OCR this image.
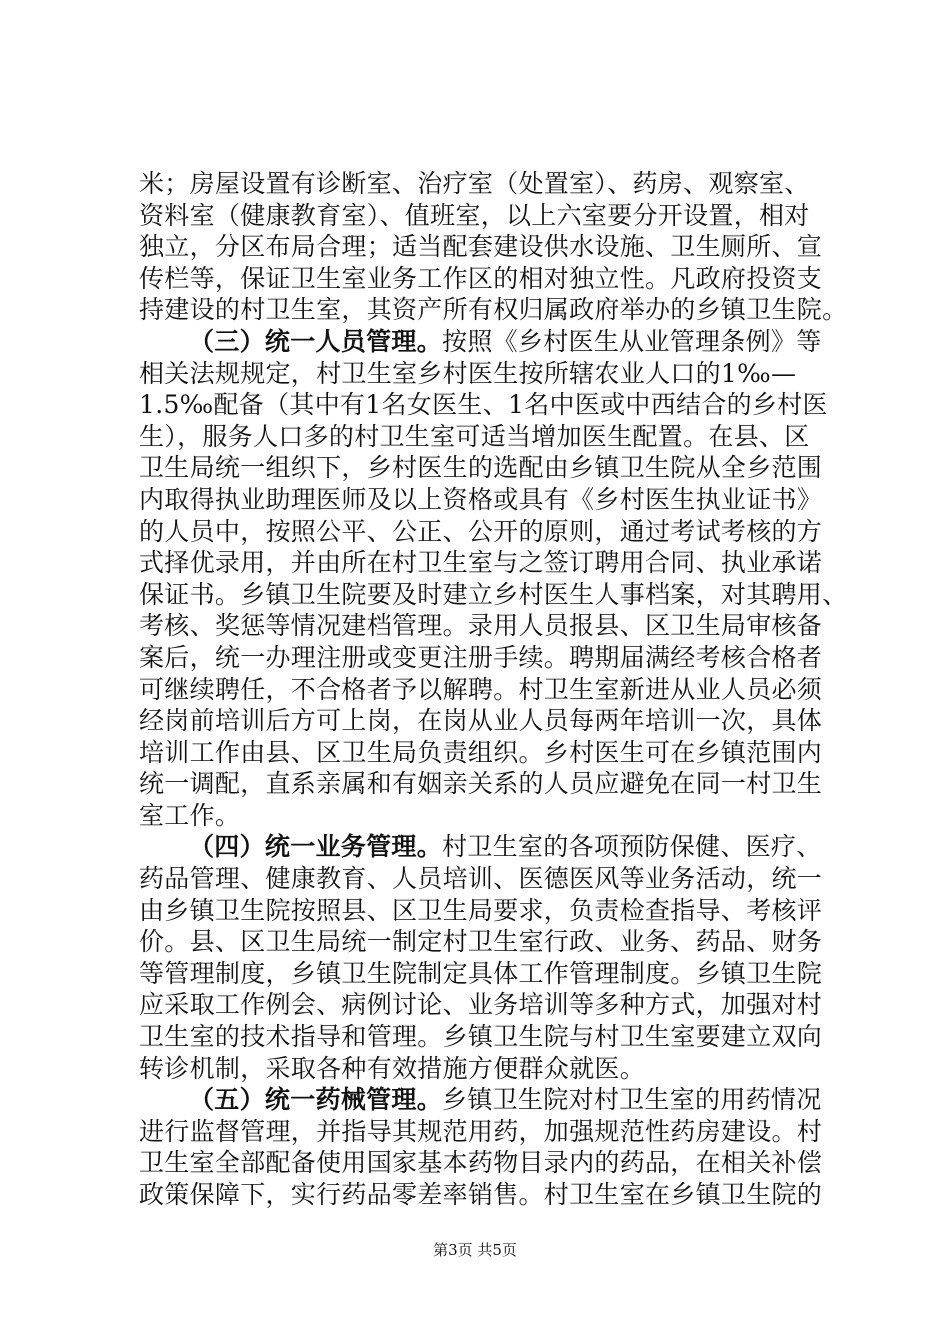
米；房屋设置有诊断室、治疗室（处置室）、药房、观察室、
资料室（健康教育室）、值班室，以上六室要分开设置，相对
独立，分区布局合理；适当配套建设供水设施、卫生厕所、宣
传栏等，保证卫生室业务工作区的相对独立性。凡政府投资支
持建设的村卫生室，其资产所有权归属政府举办的乡镇卫生院。
（三）统一人员管理。按照《乡村医生从业管理条例》等
相关法规规定，村卫生室乡村医生按所辖农业人口的1‰—
1.5‰配备（其中有1名女医生、1名中医或中西结合的乡村医
生），服务人口多的村卫生室可适当增加医生配置。在县、区
卫生局统一组织下，乡村医生的选配由乡镇卫生院从全乡范围
内取得执业助理医师及以上资格或具有《乡村医生执业证书》
的人员中，按照公平、公正、公开的原则，通过考试考核的方
式择优录用，并由所在村卫生室与之签订聘用合同、执业承诺
保证书。乡镇卫生院要及时建立乡村医生人事档案，对其聘用、
考核、奖惩等情况建档管理。录用人员报县、区卫生局审核备
案后，统一办理注册或变更注册手续。聘期届满经考核合格者
可继续聘任，不合格者予以解聘。村卫生室新进从业人员必须
经岗前培训后方可上岗，在岗从业人员每两年培训一次，具体
培训工作由县、区卫生局负责组织。乡村医生可在乡镇范围内
统一调配，直系亲属和有姻亲关系的人员应避免在同一村卫生
室工作。
（四）统一业务管理。村卫生室的各项预防保健、医疗、
药品管理、健康教育、人员培训、医德医风等业务活动，统一
由乡镇卫生院按照县、区卫生局要求，负责检查指导、考核评
价。县、区卫生局统一制定村卫生室行政、业务、药品、财务
等管理制度，乡镇卫生院制定具体工作管理制度。乡镇卫生院
应采取工作例会、病例讨论、业务培训等多种方式，加强对村
卫生室的技术指导和管理。乡镇卫生院与村卫生室要建立双向
转诊机制，采取各种有效措施方便群众就医。
（五）统一药械管理。乡镇卫生院对村卫生室的用药情况
进行监督管理，并指导其规范用药，加强规范性药房建设。村
卫生室全部配备使用国家基本药物目录内的药品，在相关补偿
政策保障下，实行药品零差率销售。村卫生室在乡镇卫生院的
第3页 共5页
